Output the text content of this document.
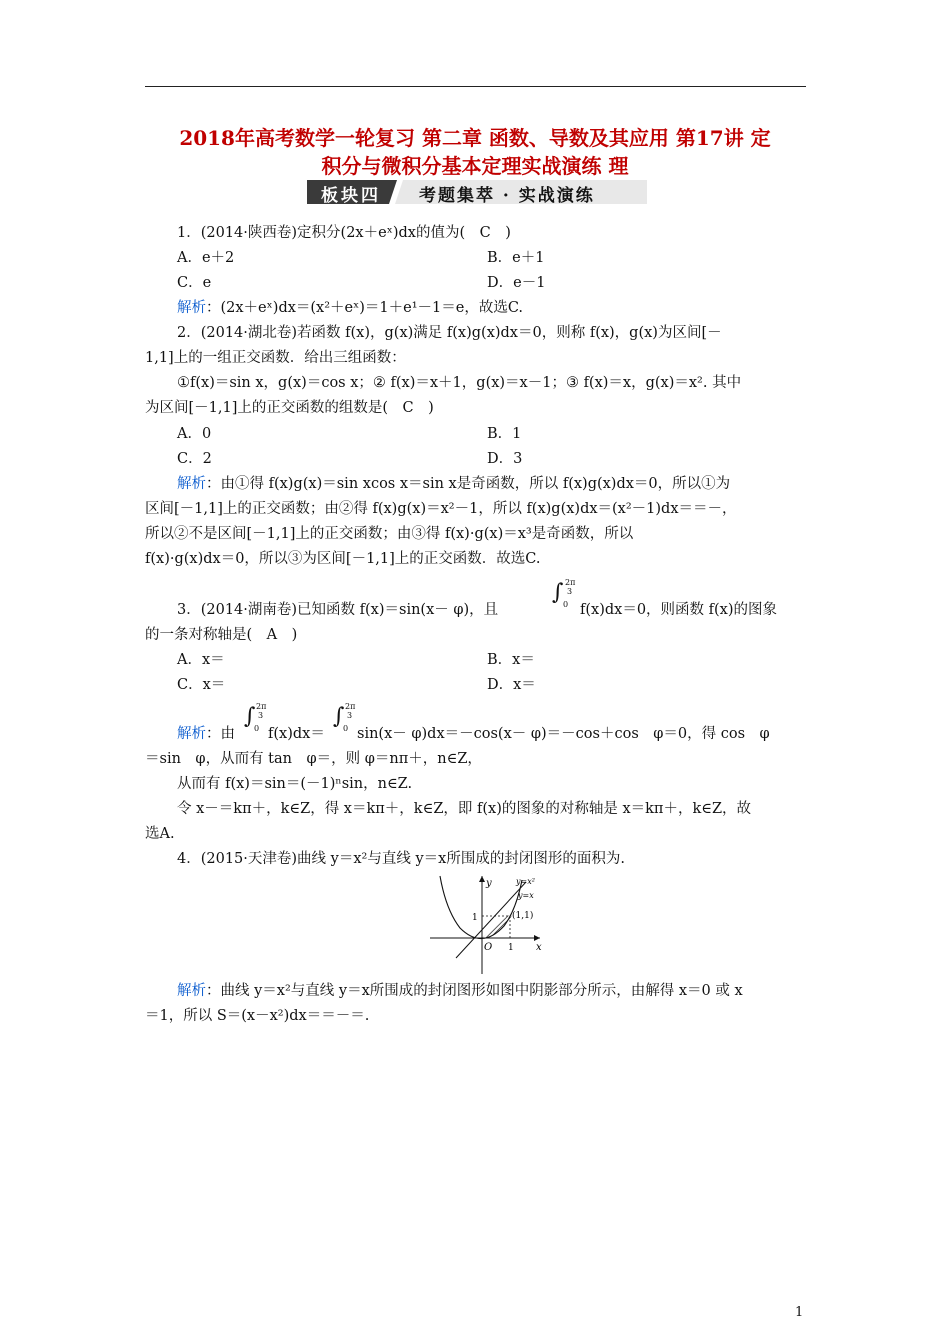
2018年高考数学一轮复习 第二章 函数、导数及其应用 第17讲 定
积分与微积分基本定理实战演练 理
板块四 考题集萃 · 实战演练
1．(2014·陕西卷)定积分(2x＋eˣ)dx的值为(　C　)
A．e＋2	B．e＋1
C．e	D．e－1
解析：(2x＋eˣ)dx＝(x²＋eˣ)＝1＋e¹－1＝e，故选C.
2．(2014·湖北卷)若函数 f(x)，g(x)满足 f(x)g(x)dx＝0，则称 f(x)，g(x)为区间[－
1,1]上的一组正交函数．给出三组函数：
①f(x)＝sin x，g(x)＝cos x；② f(x)＝x＋1，g(x)＝x－1；③ f(x)＝x，g(x)＝x². 其中
为区间[－1,1]上的正交函数的组数是(　C　)
A．0	B．1
C．2	D．3
解析：由①得 f(x)g(x)＝sin xcos x＝sin x是奇函数，所以 f(x)g(x)dx＝0，所以①为
区间[－1,1]上的正交函数；由②得 f(x)g(x)＝x²－1，所以 f(x)g(x)dx＝(x²－1)dx＝＝－，
所以②不是区间[－1,1]上的正交函数；由③得 f(x)·g(x)＝x³是奇函数，所以
f(x)·g(x)dx＝0，所以③为区间[－1,1]上的正交函数．故选C.
3．(2014·湖南卷)已知函数 f(x)＝sin(x－ φ)，且
∫ 2π
3
0 f(x)dx＝0，则函数 f(x)的图象
的一条对称轴是(　A　)
A．x＝	B．x＝
C．x＝	D．x＝
解析：由
∫ 2π
3
0 f(x)dx＝
∫ 2π
3
0 sin(x－ φ)dx＝－cos(x－ φ)＝－cos＋cos　φ＝0，得 cos　φ
＝sin　φ，从而有 tan　φ＝，则 φ＝nπ＋，n∈Z，
从而有 f(x)＝sin＝(－1)ⁿsin，n∈Z.
令 x－＝kπ＋，k∈Z，得 x＝kπ＋，k∈Z，即 f(x)的图象的对称轴是 x＝kπ＋，k∈Z，故
选A.
4．(2015·天津卷)曲线 y＝x²与直线 y＝x所围成的封闭图形的面积为.
y
x
O
1
1
(1,1)
y=x²
y=x
解析：曲线 y＝x²与直线 y＝x所围成的封闭图形如图中阴影部分所示，由解得 x＝0 或 x
＝1，所以 S＝(x－x²)dx＝＝－＝.
1
